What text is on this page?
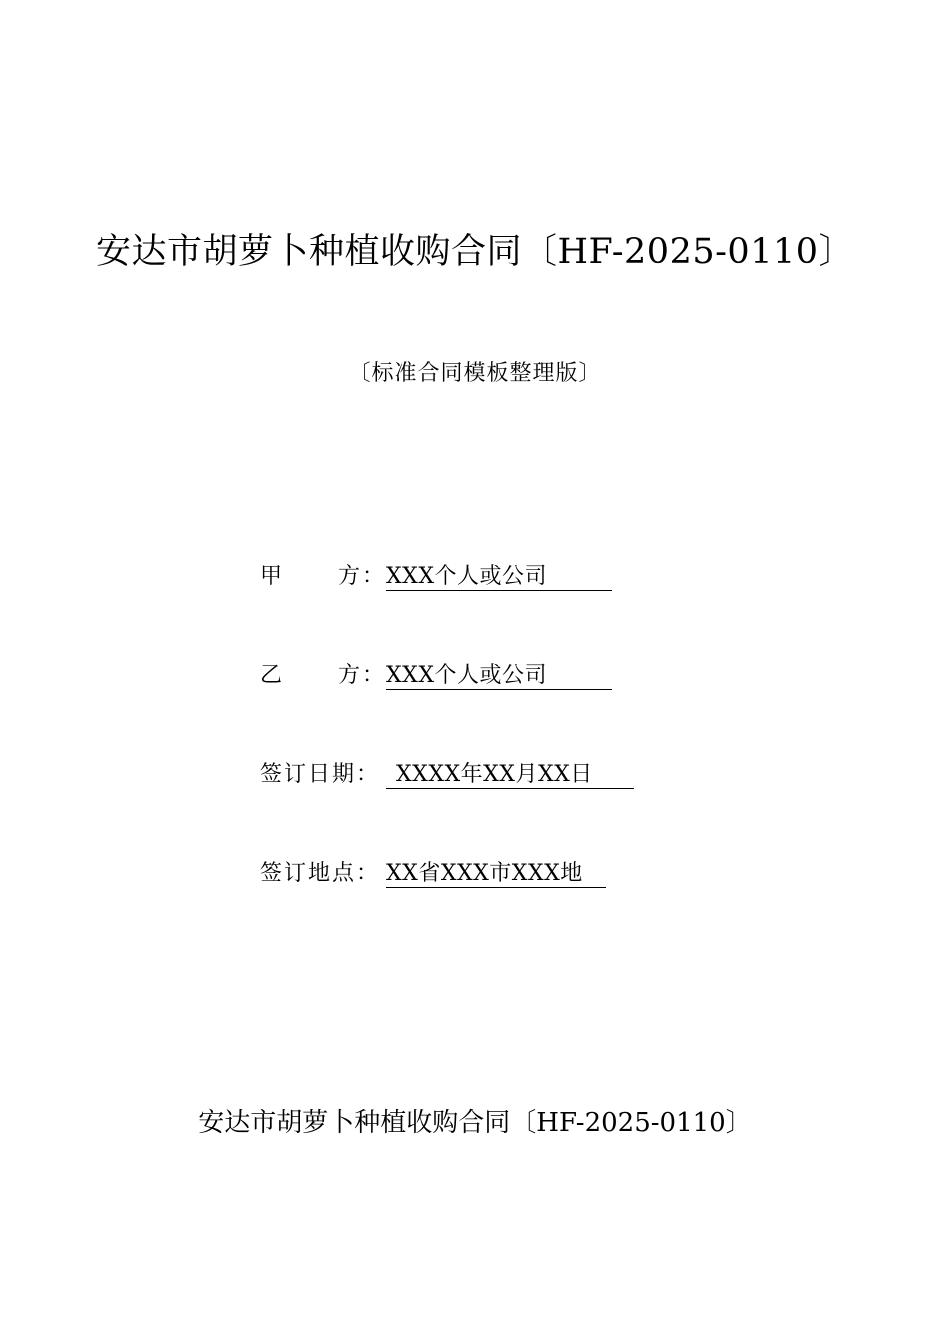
安达市胡萝卜种植收购合同〔HF-2025-0110〕
〔标准合同模板整理版〕
甲 方： XXX个人或公司
乙 方： XXX个人或公司
签订日期： XXXX年XX月XX日
签订地点： XX省XXX市XXX地
安达市胡萝卜种植收购合同〔HF-2025-0110〕
